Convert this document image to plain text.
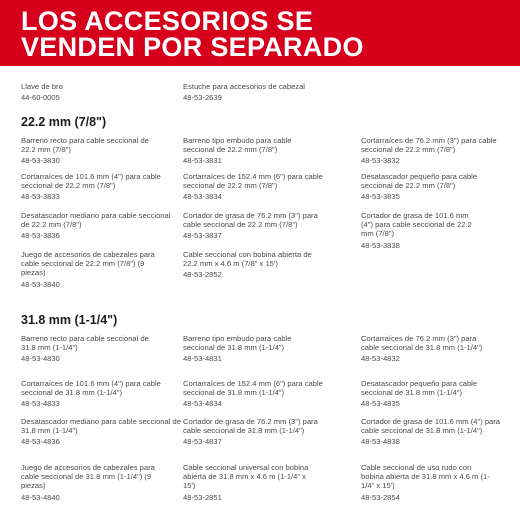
LOS ACCESORIOS SE
VENDEN POR SEPARADO
Llave de bro
44-60-0005
Estuche para accesorios de cabezal
48-53-2639
22.2 mm (7/8")
Barreno recto para cable seccional de 22.2 mm (7/8")
48-53-3830
Barreno tipo embudo para cable seccional de 22.2 mm (7/8")
48-53-3831
Cortarraíces de 76.2 mm (3") para cable seccional de 22.2 mm (7/8")
48-53-3832
Cortarraíces de 101.6 mm (4") para cable seccional de 22.2 mm (7/8")
48-53-3833
Cortarraíces de 152.4 mm (6") para cable seccional de 22.2 mm (7/8")
48-53-3834
Desatascador pequeño para cable seccional de 22.2 mm (7/8")
48-53-3835
Desatascador mediano para cable seccional de 22.2 mm (7/8")
48-53-3836
Cortador de grasa de 76.2 mm (3") para cable seccional de 22.2 mm (7/8")
48-53-3837
Cortador de grasa de 101.6 mm (4") para cable seccional de 22.2 mm (7/8")
48-53-3838
Juego de accesorios de cabezales para cable seccional de 22.2 mm (7/8") (9 piezas)
48-53-3840
Cable seccional con bobina abierta de 22.2 mm x 4.6 m (7/8" x 15')
48-53-2852
31.8 mm (1-1/4")
Barreno recto para cable seccional de 31.8 mm (1-1/4")
48-53-4830
Barreno tipo embudo para cable seccional de 31.8 mm (1-1/4")
48-53-4831
Cortarraíces de 76.2 mm (3") para cable seccional de 31.8 mm (1-1/4")
48-53-4832
Cortarraíces de 101.6 mm (4") para cable seccional de 31.8 mm (1-1/4")
48-53-4833
Cortarraíces de 152.4 mm (6") para cable seccional de 31.8 mm (1-1/4")
48-53-4834
Desatascador pequeño para cable seccional de 31.8 mm (1-1/4")
48-53-4835
Desatascador mediano para cable seccional de 31.8 mm (1-1/4")
48-53-4836
Cortador de grasa de 76.2 mm (3") para cable seccional de 31.8 mm (1-1/4")
48-53-4837
Cortador de grasa de 101.6 mm (4") para cable seccional de 31.8 mm (1-1/4")
48-53-4838
Juego de accesorios de cabezales para cable seccional de 31.8 mm (1-1/4") (9 piezas)
48-53-4840
Cable seccional universal con bobina abierta de 31.8 mm x 4.6 m (1-1/4" x 15')
48-53-2851
Cable seccional de uso rudo con bobina abierta de 31.8 mm x 4.6 m (1-1/4" x 15')
48-53-2854
